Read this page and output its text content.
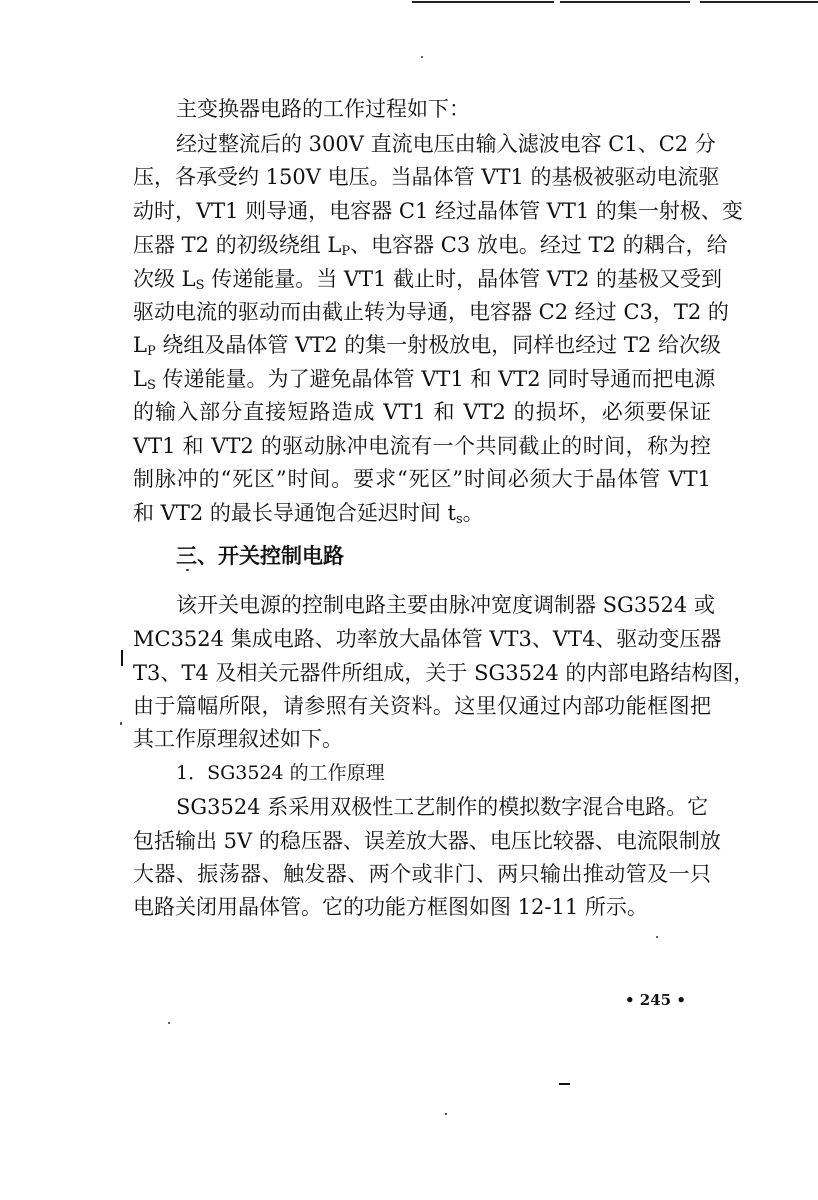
主变换器电路的工作过程如下：
经过整流后的 300V 直流电压由输入滤波电容 C1、C2 分
压，各承受约 150V 电压。当晶体管 VT1 的基极被驱动电流驱
动时，VT1 则导通，电容器 C1 经过晶体管 VT1 的集一射极、变
压器 T2 的初级绕组 $L_P$、电容器 C3 放电。经过 T2 的耦合，给
次级 $L_S$ 传递能量。当 VT1 截止时，晶体管 VT2 的基极又受到
驱动电流的驱动而由截止转为导通，电容器 C2 经过 C3，T2 的
$L_P$ 绕组及晶体管 VT2 的集一射极放电，同样也经过 T2 给次级
$L_S$ 传递能量。为了避免晶体管 VT1 和 VT2 同时导通而把电源
的输入部分直接短路造成 VT1 和 VT2 的损坏，必须要保证
VT1 和 VT2 的驱动脉冲电流有一个共同截止的时间，称为控
制脉冲的“死区”时间。要求“死区”时间必须大于晶体管 VT1
和 VT2 的最长导通饱合延迟时间 $t_s$。
三、开关控制电路
该开关电源的控制电路主要由脉冲宽度调制器 SG3524 或
MC3524 集成电路、功率放大晶体管 VT3、VT4、驱动变压器
T3、T4 及相关元器件所组成，关于 SG3524 的内部电路结构图，
由于篇幅所限，请参照有关资料。这里仅通过内部功能框图把
其工作原理叙述如下。
1．SG3524 的工作原理
SG3524 系采用双极性工艺制作的模拟数字混合电路。它
包括输出 5V 的稳压器、误差放大器、电压比较器、电流限制放
大器、振荡器、触发器、两个或非门、两只输出推动管及一只
电路关闭用晶体管。它的功能方框图如图 12-11 所示。
• 245 •
